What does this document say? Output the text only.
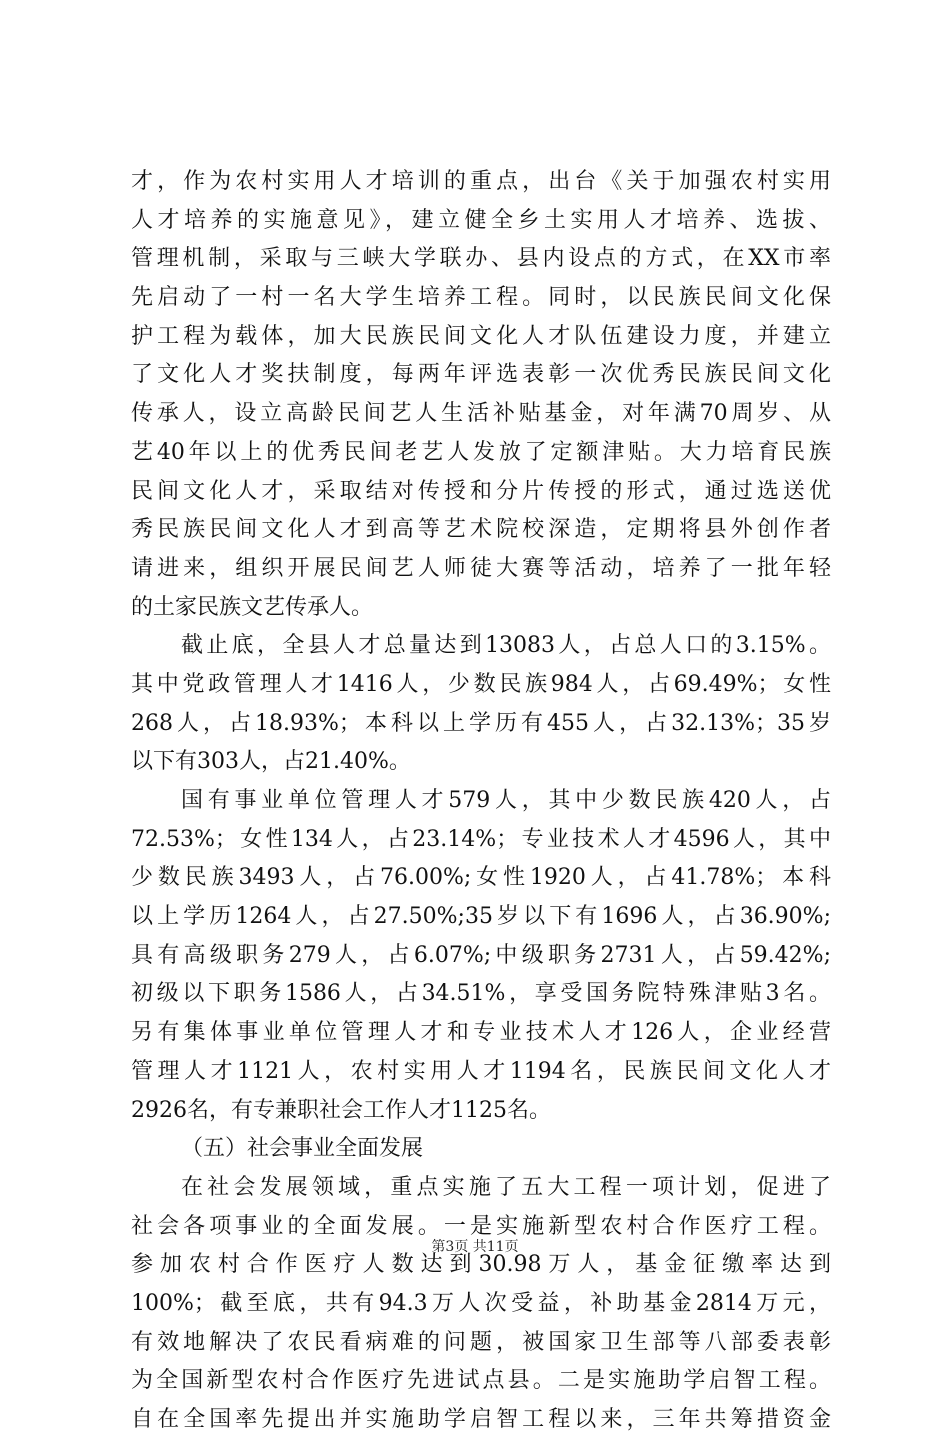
才，作为农村实用人才培训的重点，出台《关于加强农村实用
人才培养的实施意见》，建立健全乡土实用人才培养、选拔、
管理机制，采取与三峡大学联办、县内设点的方式，在XX市率
先启动了一村一名大学生培养工程。同时，以民族民间文化保
护工程为载体，加大民族民间文化人才队伍建设力度，并建立
了文化人才奖扶制度，每两年评选表彰一次优秀民族民间文化
传承人，设立高龄民间艺人生活补贴基金，对年满70周岁、从
艺40年以上的优秀民间老艺人发放了定额津贴。大力培育民族
民间文化人才，采取结对传授和分片传授的形式，通过选送优
秀民族民间文化人才到高等艺术院校深造，定期将县外创作者
请进来，组织开展民间艺人师徒大赛等活动，培养了一批年轻
的土家民族文艺传承人。
截止底，全县人才总量达到13083人，占总人口的3.15%。
其中党政管理人才1416人，少数民族984人，占69.49%；女性
268人，占18.93%；本科以上学历有455人，占32.13%；35岁
以下有303人，占21.40%。
国有事业单位管理人才579人，其中少数民族420人，占
72.53%；女性134人，占23.14%；专业技术人才4596人，其中
少数民族3493人，占76.00%;女性1920人，占41.78%；本科
以上学历1264人，占27.50%;35岁以下有1696人，占36.90%;
具有高级职务279人，占6.07%;中级职务2731人，占59.42%;
初级以下职务1586人，占34.51%，享受国务院特殊津贴3名。
另有集体事业单位管理人才和专业技术人才126人，企业经营
管理人才1121人，农村实用人才1194名，民族民间文化人才
2926名，有专兼职社会工作人才1125名。
（五）社会事业全面发展
在社会发展领域，重点实施了五大工程一项计划，促进了
社会各项事业的全面发展。一是实施新型农村合作医疗工程。
参加农村合作医疗人数达到30.98万人，基金征缴率达到
100%；截至底，共有94.3万人次受益，补助基金2814万元，
有效地解决了农民看病难的问题，被国家卫生部等八部委表彰
为全国新型农村合作医疗先进试点县。二是实施助学启智工程。
自在全国率先提出并实施助学启智工程以来，三年共筹措资金
第3页 共11页
